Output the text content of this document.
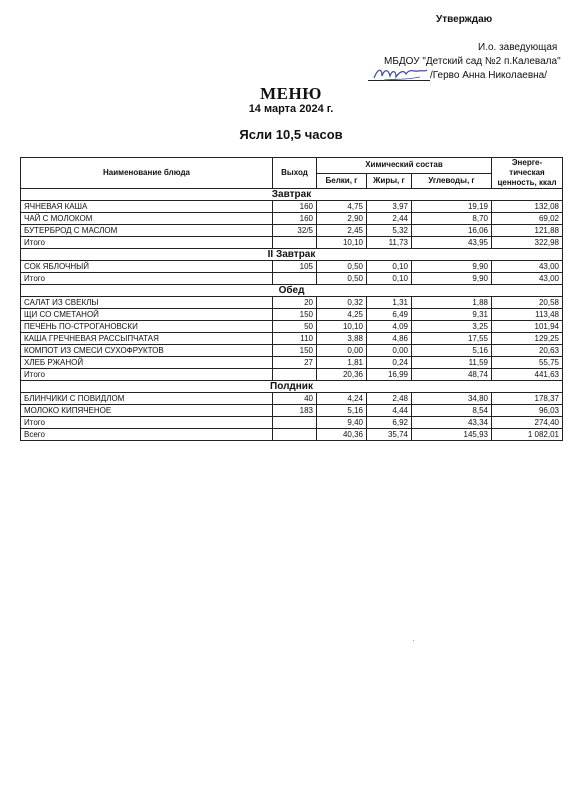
Утверждаю
И.о. заведующая
МБДОУ "Детский сад №2 п.Калевала"
/Герво Анна Николаевна/
МЕНЮ
14 марта 2024 г.
Ясли 10,5 часов
Наименование блюда	Выход	Химический состав			Энерге-тическая ценность, ккал
		Белки, г	Жиры, г	Углеводы, г	
Завтрак					
ЯЧНЕВАЯ КАША	160	4,75	3,97	19,19	132,08
ЧАЙ С МОЛОКОМ	160	2,90	2,44	8,70	69,02
БУТЕРБРОД С МАСЛОМ	32/5	2,45	5,32	16,06	121,88
Итого		10,10	11,73	43,95	322,98
II Завтрак					
СОК ЯБЛОЧНЫЙ	105	0,50	0,10	9,90	43,00
Итого		0,50	0,10	9,90	43,00
Обед					
САЛАТ ИЗ СВЕКЛЫ	20	0,32	1,31	1,88	20,58
ЩИ СО СМЕТАНОЙ	150	4,25	6,49	9,31	113,48
ПЕЧЕНЬ ПО-СТРОГАНОВСКИ	50	10,10	4,09	3,25	101,94
КАША ГРЕЧНЕВАЯ РАССЫПЧАТАЯ	110	3,88	4,86	17,55	129,25
КОМПОТ ИЗ СМЕСИ СУХОФРУКТОВ	150	0,00	0,00	5,16	20,63
ХЛЕБ РЖАНОЙ	27	1,81	0,24	11,59	55,75
Итого		20,36	16,99	48,74	441,63
Полдник					
БЛИНЧИКИ С ПОВИДЛОМ	40	4,24	2,48	34,80	178,37
МОЛОКО КИПЯЧЕНОЕ	183	5,16	4,44	8,54	96,03
Итого		9,40	6,92	43,34	274,40
Всего		40,36	35,74	145,93	1 082,01
·
